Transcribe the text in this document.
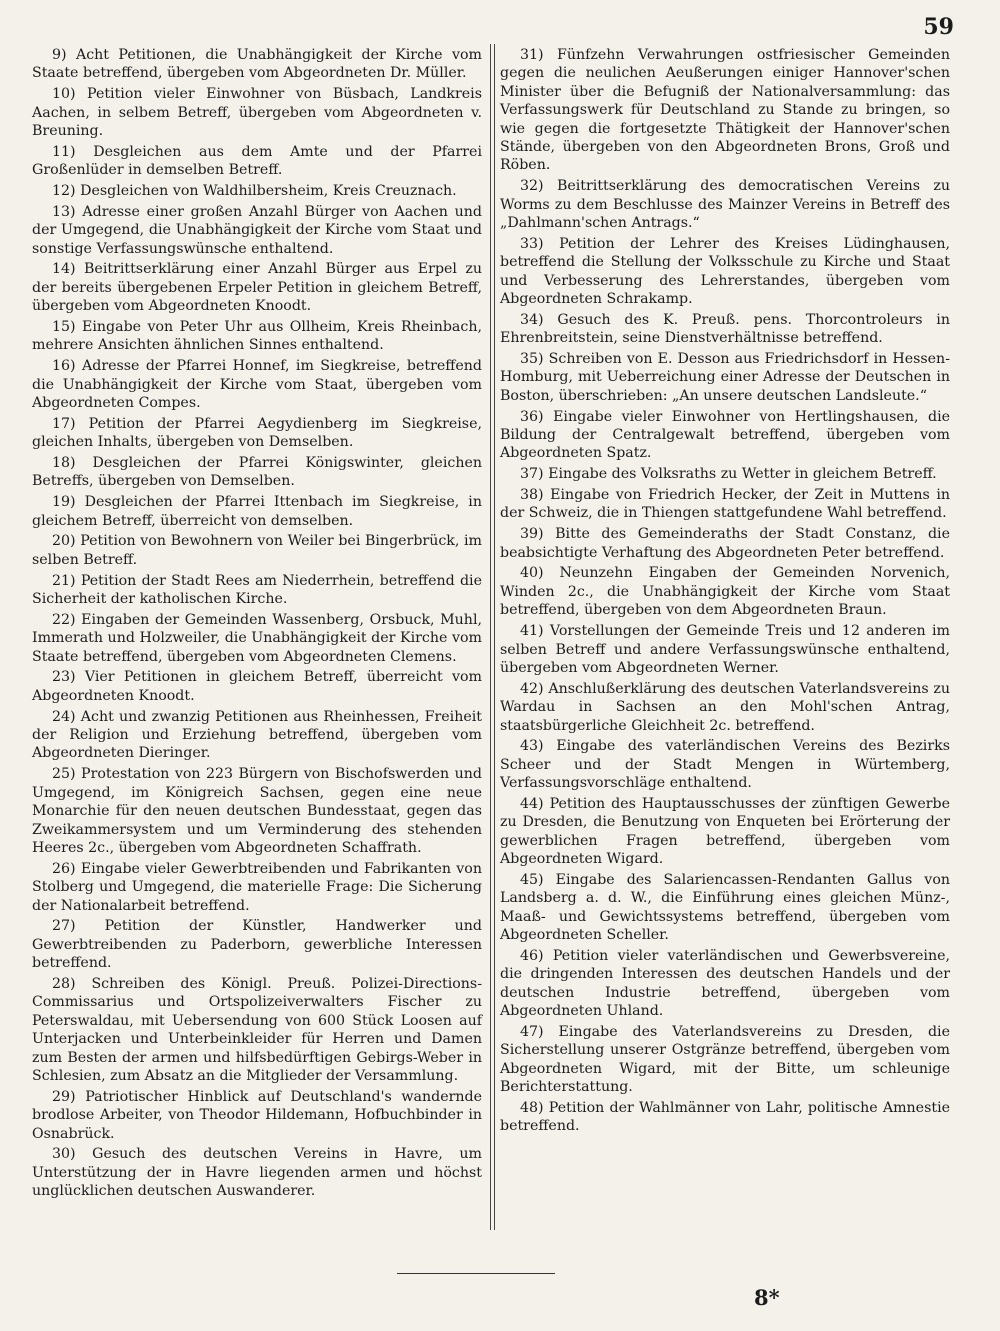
59

9) Acht Petitionen, die Unabhängigkeit der Kirche vom Staate betreffend, übergeben vom Abgeordneten Dr. Müller.

10) Petition vieler Einwohner von Büsbach, Landkreis Aachen, in selbem Betreff, übergeben vom Abgeordneten v. Breuning.

11) Desgleichen aus dem Amte und der Pfarrei Großenlüder in demselben Betreff.

12) Desgleichen von Waldhilbersheim, Kreis Creuznach.

13) Adresse einer großen Anzahl Bürger von Aachen und der Umgegend, die Unabhängigkeit der Kirche vom Staat und sonstige Verfassungswünsche enthaltend.

14) Beitrittserklärung einer Anzahl Bürger aus Erpel zu der bereits übergebenen Erpeler Petition in gleichem Betreff, übergeben vom Abgeordneten Knoodt.

15) Eingabe von Peter Uhr aus Ollheim, Kreis Rheinbach, mehrere Ansichten ähnlichen Sinnes enthaltend.

16) Adresse der Pfarrei Honnef, im Siegkreise, betreffend die Unabhängigkeit der Kirche vom Staat, übergeben vom Abgeordneten Compes.

17) Petition der Pfarrei Aegydienberg im Siegkreise, gleichen Inhalts, übergeben von Demselben.

18) Desgleichen der Pfarrei Königswinter, gleichen Betreffs, übergeben von Demselben.

19) Desgleichen der Pfarrei Ittenbach im Siegkreise, in gleichem Betreff, überreicht von demselben.

20) Petition von Bewohnern von Weiler bei Bingerbrück, im selben Betreff.

21) Petition der Stadt Rees am Niederrhein, betreffend die Sicherheit der katholischen Kirche.

22) Eingaben der Gemeinden Wassenberg, Orsbuck, Muhl, Immerath und Holzweiler, die Unabhängigkeit der Kirche vom Staate betreffend, übergeben vom Abgeordneten Clemens.

23) Vier Petitionen in gleichem Betreff, überreicht vom Abgeordneten Knoodt.

24) Acht und zwanzig Petitionen aus Rheinhessen, Freiheit der Religion und Erziehung betreffend, übergeben vom Abgeordneten Dieringer.

25) Protestation von 223 Bürgern von Bischofswerden und Umgegend, im Königreich Sachsen, gegen eine neue Monarchie für den neuen deutschen Bundesstaat, gegen das Zweikammersystem und um Verminderung des stehenden Heeres 2c., übergeben vom Abgeordneten Schaffrath.

26) Eingabe vieler Gewerbtreibenden und Fabrikanten von Stolberg und Umgegend, die materielle Frage: Die Sicherung der Nationalarbeit betreffend.

27) Petition der Künstler, Handwerker und Gewerbtreibenden zu Paderborn, gewerbliche Interessen betreffend.

28) Schreiben des Königl. Preuß. Polizei-Directions-Commissarius und Ortspolizeiverwalters Fischer zu Peterswaldau, mit Uebersendung von 600 Stück Loosen auf Unterjacken und Unterbeinkleider für Herren und Damen zum Besten der armen und hilfsbedürftigen Gebirgs-Weber in Schlesien, zum Absatz an die Mitglieder der Versammlung.

29) Patriotischer Hinblick auf Deutschland's wandernde brodlose Arbeiter, von Theodor Hildemann, Hofbuchbinder in Osnabrück.

30) Gesuch des deutschen Vereins in Havre, um Unterstützung der in Havre liegenden armen und höchst unglücklichen deutschen Auswanderer.

31) Fünfzehn Verwahrungen ostfriesischer Gemeinden gegen die neulichen Aeußerungen einiger Hannover'schen Minister über die Befugniß der Nationalversammlung: das Verfassungswerk für Deutschland zu Stande zu bringen, so wie gegen die fortgesetzte Thätigkeit der Hannover'schen Stände, übergeben von den Abgeordneten Brons, Groß und Röben.

32) Beitrittserklärung des democratischen Vereins zu Worms zu dem Beschlusse des Mainzer Vereins in Betreff des „Dahlmann'schen Antrags.“

33) Petition der Lehrer des Kreises Lüdinghausen, betreffend die Stellung der Volksschule zu Kirche und Staat und Verbesserung des Lehrerstandes, übergeben vom Abgeordneten Schrakamp.

34) Gesuch des K. Preuß. pens. Thorcontroleurs in Ehrenbreitstein, seine Dienstverhältnisse betreffend.

35) Schreiben von E. Desson aus Friedrichsdorf in Hessen-Homburg, mit Ueberreichung einer Adresse der Deutschen in Boston, überschrieben: „An unsere deutschen Landsleute.“

36) Eingabe vieler Einwohner von Hertlingshausen, die Bildung der Centralgewalt betreffend, übergeben vom Abgeordneten Spatz.

37) Eingabe des Volksraths zu Wetter in gleichem Betreff.

38) Eingabe von Friedrich Hecker, der Zeit in Muttens in der Schweiz, die in Thiengen stattgefundene Wahl betreffend.

39) Bitte des Gemeinderaths der Stadt Constanz, die beabsichtigte Verhaftung des Abgeordneten Peter betreffend.

40) Neunzehn Eingaben der Gemeinden Norvenich, Winden 2c., die Unabhängigkeit der Kirche vom Staat betreffend, übergeben von dem Abgeordneten Braun.

41) Vorstellungen der Gemeinde Treis und 12 anderen im selben Betreff und andere Verfassungswünsche enthaltend, übergeben vom Abgeordneten Werner.

42) Anschlußerklärung des deutschen Vaterlandsvereins zu Wardau in Sachsen an den Mohl'schen Antrag, staatsbürgerliche Gleichheit 2c. betreffend.

43) Eingabe des vaterländischen Vereins des Bezirks Scheer und der Stadt Mengen in Würtemberg, Verfassungsvorschläge enthaltend.

44) Petition des Hauptausschusses der zünftigen Gewerbe zu Dresden, die Benutzung von Enqueten bei Erörterung der gewerblichen Fragen betreffend, übergeben vom Abgeordneten Wigard.

45) Eingabe des Salariencassen-Rendanten Gallus von Landsberg a. d. W., die Einführung eines gleichen Münz-, Maaß- und Gewichtssystems betreffend, übergeben vom Abgeordneten Scheller.

46) Petition vieler vaterländischen und Gewerbsvereine, die dringenden Interessen des deutschen Handels und der deutschen Industrie betreffend, übergeben vom Abgeordneten Uhland.

47) Eingabe des Vaterlandsvereins zu Dresden, die Sicherstellung unserer Ostgränze betreffend, übergeben vom Abgeordneten Wigard, mit der Bitte, um schleunige Berichterstattung.

48) Petition der Wahlmänner von Lahr, politische Amnestie betreffend.

8*
